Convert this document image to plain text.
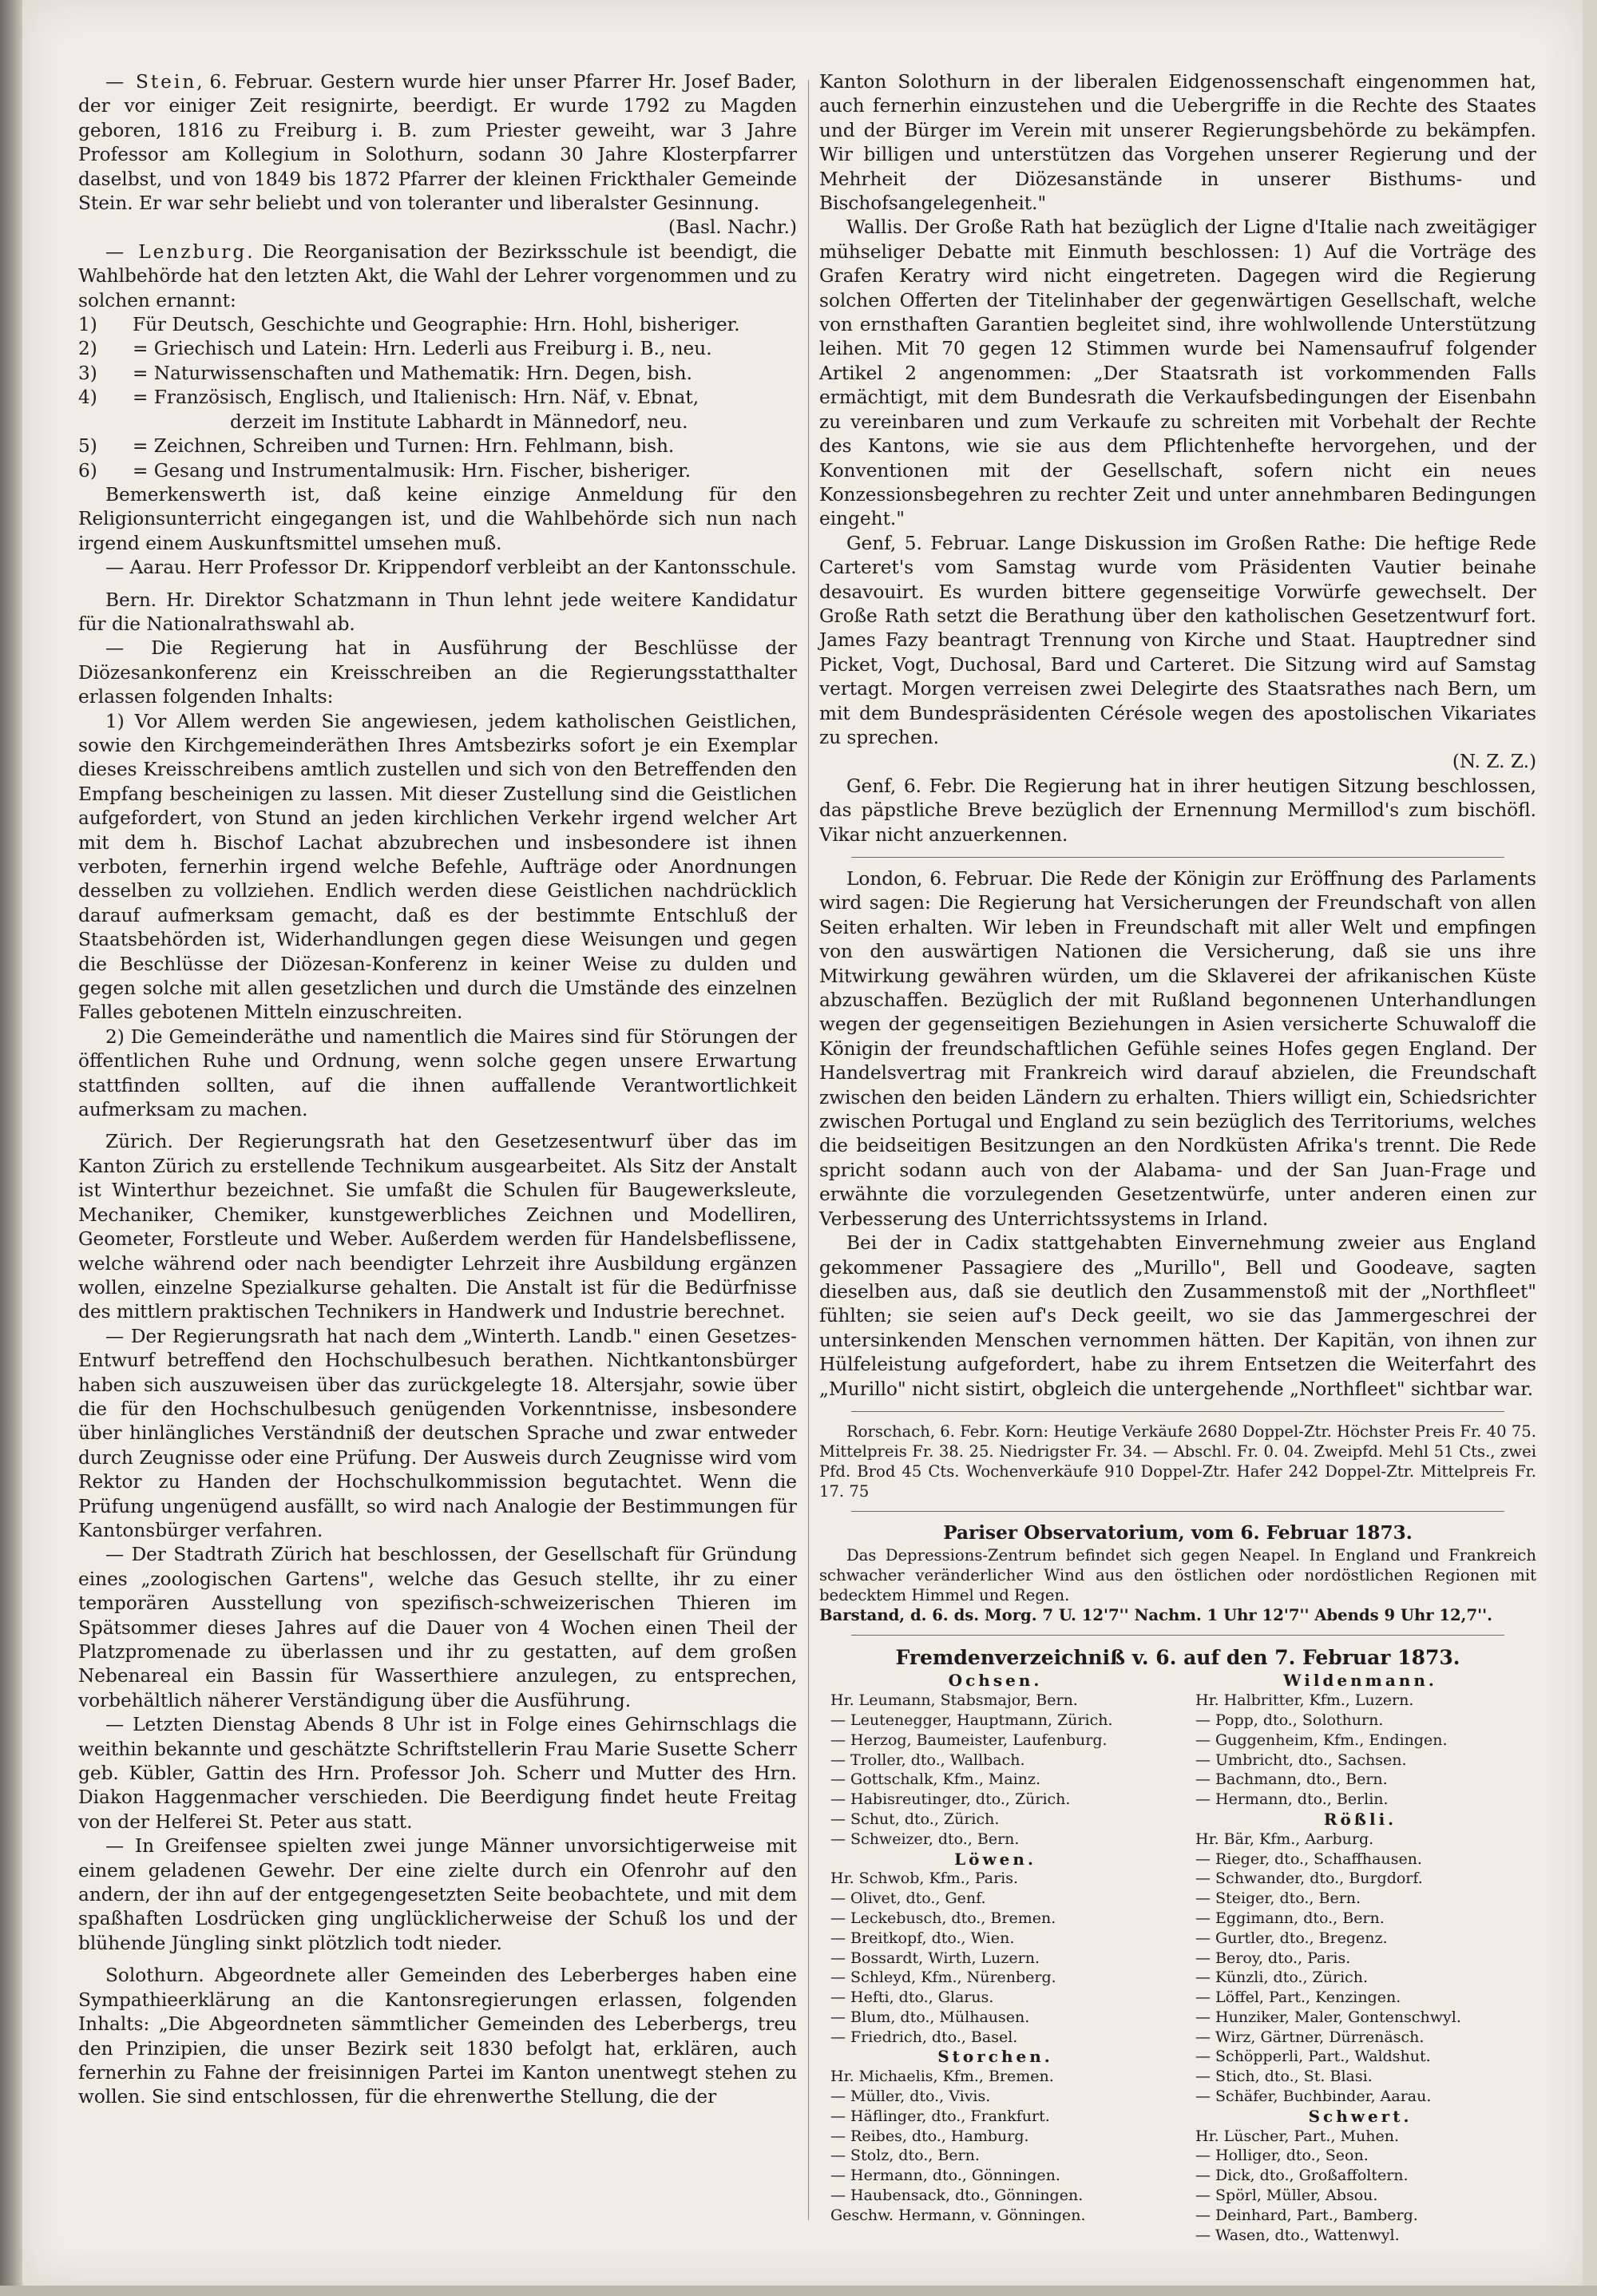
— Stein, 6. Februar. Gestern wurde hier unser Pfarrer Hr. Josef Bader, der vor einiger Zeit resignirte, beerdigt. Er wurde 1792 zu Magden geboren, 1816 zu Freiburg i. B. zum Priester geweiht, war 3 Jahre Professor am Kollegium in Solothurn, sodann 30 Jahre Klosterpfarrer daselbst, und von 1849 bis 1872 Pfarrer der kleinen Frickthaler Gemeinde Stein. Er war sehr beliebt und von toleranter und liberalster Gesinnung.

(Basl. Nachr.)

— Lenzburg. Die Reorganisation der Bezirksschule ist beendigt, die Wahlbehörde hat den letzten Akt, die Wahl der Lehrer vorgenommen und zu solchen ernannt:

1)	Für Deutsch, Geschichte und Geographie: Hrn. Hohl, bisheriger.
2)	= Griechisch und Latein: Hrn. Lederli aus Freiburg i. B., neu.
3)	= Naturwissenschaften und Mathematik: Hrn. Degen, bish.
4)	= Französisch, Englisch, und Italienisch: Hrn. Näf, v. Ebnat,
derzeit im Institute Labhardt in Männedorf, neu.
5)	= Zeichnen, Schreiben und Turnen: Hrn. Fehlmann, bish.
6)	= Gesang und Instrumentalmusik: Hrn. Fischer, bisheriger.

Bemerkenswerth ist, daß keine einzige Anmeldung für den Religionsunterricht eingegangen ist, und die Wahlbehörde sich nun nach irgend einem Auskunftsmittel umsehen muß.

— Aarau. Herr Professor Dr. Krippendorf verbleibt an der Kantonsschule.

Bern. Hr. Direktor Schatzmann in Thun lehnt jede weitere Kandidatur für die Nationalrathswahl ab.

— Die Regierung hat in Ausführung der Beschlüsse der Diözesankonferenz ein Kreisschreiben an die Regierungsstatthalter erlassen folgenden Inhalts:

1) Vor Allem werden Sie angewiesen, jedem katholischen Geistlichen, sowie den Kirchgemeinderäthen Ihres Amtsbezirks sofort je ein Exemplar dieses Kreisschreibens amtlich zustellen und sich von den Betreffenden den Empfang bescheinigen zu lassen. Mit dieser Zustellung sind die Geistlichen aufgefordert, von Stund an jeden kirchlichen Verkehr irgend welcher Art mit dem h. Bischof Lachat abzubrechen und insbesondere ist ihnen verboten, fernerhin irgend welche Befehle, Aufträge oder Anordnungen desselben zu vollziehen. Endlich werden diese Geistlichen nachdrücklich darauf aufmerksam gemacht, daß es der bestimmte Entschluß der Staatsbehörden ist, Widerhandlungen gegen diese Weisungen und gegen die Beschlüsse der Diözesan-Konferenz in keiner Weise zu dulden und gegen solche mit allen gesetzlichen und durch die Umstände des einzelnen Falles gebotenen Mitteln einzuschreiten.

2) Die Gemeinderäthe und namentlich die Maires sind für Störungen der öffentlichen Ruhe und Ordnung, wenn solche gegen unsere Erwartung stattfinden sollten, auf die ihnen auffallende Verantwortlichkeit aufmerksam zu machen.

Zürich. Der Regierungsrath hat den Gesetzesentwurf über das im Kanton Zürich zu erstellende Technikum ausgearbeitet. Als Sitz der Anstalt ist Winterthur bezeichnet. Sie umfaßt die Schulen für Baugewerksleute, Mechaniker, Chemiker, kunstgewerbliches Zeichnen und Modelliren, Geometer, Forstleute und Weber. Außerdem werden für Handelsbeflissene, welche während oder nach beendigter Lehrzeit ihre Ausbildung ergänzen wollen, einzelne Spezialkurse gehalten. Die Anstalt ist für die Bedürfnisse des mittlern praktischen Technikers in Handwerk und Industrie berechnet.

— Der Regierungsrath hat nach dem „Winterth. Landb." einen Gesetzes-Entwurf betreffend den Hochschulbesuch berathen. Nichtkantonsbürger haben sich auszuweisen über das zurückgelegte 18. Altersjahr, sowie über die für den Hochschulbesuch genügenden Vorkenntnisse, insbesondere über hinlängliches Verständniß der deutschen Sprache und zwar entweder durch Zeugnisse oder eine Prüfung. Der Ausweis durch Zeugnisse wird vom Rektor zu Handen der Hochschulkommission begutachtet. Wenn die Prüfung ungenügend ausfällt, so wird nach Analogie der Bestimmungen für Kantonsbürger verfahren.

— Der Stadtrath Zürich hat beschlossen, der Gesellschaft für Gründung eines „zoologischen Gartens", welche das Gesuch stellte, ihr zu einer temporären Ausstellung von spezifisch-schweizerischen Thieren im Spätsommer dieses Jahres auf die Dauer von 4 Wochen einen Theil der Platzpromenade zu überlassen und ihr zu gestatten, auf dem großen Nebenareal ein Bassin für Wasserthiere anzulegen, zu entsprechen, vorbehältlich näherer Verständigung über die Ausführung.

— Letzten Dienstag Abends 8 Uhr ist in Folge eines Gehirnschlags die weithin bekannte und geschätzte Schriftstellerin Frau Marie Susette Scherr geb. Kübler, Gattin des Hrn. Professor Joh. Scherr und Mutter des Hrn. Diakon Haggenmacher verschieden. Die Beerdigung findet heute Freitag von der Helferei St. Peter aus statt.

— In Greifensee spielten zwei junge Männer unvorsichtigerweise mit einem geladenen Gewehr. Der eine zielte durch ein Ofenrohr auf den andern, der ihn auf der entgegengesetzten Seite beobachtete, und mit dem spaßhaften Losdrücken ging unglücklicherweise der Schuß los und der blühende Jüngling sinkt plötzlich todt nieder.

Solothurn. Abgeordnete aller Gemeinden des Leberberges haben eine Sympathieerklärung an die Kantonsregierungen erlassen, folgenden Inhalts: „Die Abgeordneten sämmtlicher Gemeinden des Leberbergs, treu den Prinzipien, die unser Bezirk seit 1830 befolgt hat, erklären, auch fernerhin zu Fahne der freisinnigen Partei im Kanton unentwegt stehen zu wollen. Sie sind entschlossen, für die ehrenwerthe Stellung, die der

Kanton Solothurn in der liberalen Eidgenossenschaft eingenommen hat, auch fernerhin einzustehen und die Uebergriffe in die Rechte des Staates und der Bürger im Verein mit unserer Regierungsbehörde zu bekämpfen. Wir billigen und unterstützen das Vorgehen unserer Regierung und der Mehrheit der Diözesanstände in unserer Bisthums- und Bischofsangelegenheit."

Wallis. Der Große Rath hat bezüglich der Ligne d'Italie nach zweitägiger mühseliger Debatte mit Einmuth beschlossen: 1) Auf die Vorträge des Grafen Keratry wird nicht eingetreten. Dagegen wird die Regierung solchen Offerten der Titelinhaber der gegenwärtigen Gesellschaft, welche von ernsthaften Garantien begleitet sind, ihre wohlwollende Unterstützung leihen. Mit 70 gegen 12 Stimmen wurde bei Namensaufruf folgender Artikel 2 angenommen: „Der Staatsrath ist vorkommenden Falls ermächtigt, mit dem Bundesrath die Verkaufsbedingungen der Eisenbahn zu vereinbaren und zum Verkaufe zu schreiten mit Vorbehalt der Rechte des Kantons, wie sie aus dem Pflichtenhefte hervorgehen, und der Konventionen mit der Gesellschaft, sofern nicht ein neues Konzessionsbegehren zu rechter Zeit und unter annehmbaren Bedingungen eingeht."

Genf, 5. Februar. Lange Diskussion im Großen Rathe: Die heftige Rede Carteret's vom Samstag wurde vom Präsidenten Vautier beinahe desavouirt. Es wurden bittere gegenseitige Vorwürfe gewechselt. Der Große Rath setzt die Berathung über den katholischen Gesetzentwurf fort. James Fazy beantragt Trennung von Kirche und Staat. Hauptredner sind Picket, Vogt, Duchosal, Bard und Carteret. Die Sitzung wird auf Samstag vertagt. Morgen verreisen zwei Delegirte des Staatsrathes nach Bern, um mit dem Bundespräsidenten Cérésole wegen des apostolischen Vikariates zu sprechen.

(N. Z. Z.)

Genf, 6. Febr. Die Regierung hat in ihrer heutigen Sitzung beschlossen, das päpstliche Breve bezüglich der Ernennung Mermillod's zum bischöfl. Vikar nicht anzuerkennen.

London, 6. Februar. Die Rede der Königin zur Eröffnung des Parlaments wird sagen: Die Regierung hat Versicherungen der Freundschaft von allen Seiten erhalten. Wir leben in Freundschaft mit aller Welt und empfingen von den auswärtigen Nationen die Versicherung, daß sie uns ihre Mitwirkung gewähren würden, um die Sklaverei der afrikanischen Küste abzuschaffen. Bezüglich der mit Rußland begonnenen Unterhandlungen wegen der gegenseitigen Beziehungen in Asien versicherte Schuwaloff die Königin der freundschaftlichen Gefühle seines Hofes gegen England. Der Handelsvertrag mit Frankreich wird darauf abzielen, die Freundschaft zwischen den beiden Ländern zu erhalten. Thiers willigt ein, Schiedsrichter zwischen Portugal und England zu sein bezüglich des Territoriums, welches die beidseitigen Besitzungen an den Nordküsten Afrika's trennt. Die Rede spricht sodann auch von der Alabama- und der San Juan-Frage und erwähnte die vorzulegenden Gesetzentwürfe, unter anderen einen zur Verbesserung des Unterrichtssystems in Irland.

Bei der in Cadix stattgehabten Einvernehmung zweier aus England gekommener Passagiere des „Murillo", Bell und Goodeave, sagten dieselben aus, daß sie deutlich den Zusammenstoß mit der „Northfleet" fühlten; sie seien auf's Deck geeilt, wo sie das Jammergeschrei der untersinkenden Menschen vernommen hätten. Der Kapitän, von ihnen zur Hülfeleistung aufgefordert, habe zu ihrem Entsetzen die Weiterfahrt des „Murillo" nicht sistirt, obgleich die untergehende „Northfleet" sichtbar war.

Rorschach, 6. Febr. Korn: Heutige Verkäufe 2680 Doppel-Ztr. Höchster Preis Fr. 40 75. Mittelpreis Fr. 38. 25. Niedrigster Fr. 34. — Abschl. Fr. 0. 04. Zweipfd. Mehl 51 Cts., zwei Pfd. Brod 45 Cts. Wochenverkäufe 910 Doppel-Ztr. Hafer 242 Doppel-Ztr. Mittelpreis Fr. 17. 75

Pariser Observatorium, vom 6. Februar 1873.

Das Depressions-Zentrum befindet sich gegen Neapel. In England und Frankreich schwacher veränderlicher Wind aus den östlichen oder nordöstlichen Regionen mit bedecktem Himmel und Regen.

Barstand, d. 6. ds. Morg. 7 U. 12'7'' Nachm. 1 Uhr 12'7'' Abends 9 Uhr 12,7''.

Fremdenverzeichniß v. 6. auf den 7. Februar 1873.
Ochsen.
Hr. Leumann, Stabsmajor, Bern.
— Leutenegger, Hauptmann, Zürich.
— Herzog, Baumeister, Laufenburg.
— Troller, dto., Wallbach.
— Gottschalk, Kfm., Mainz.
— Habisreutinger, dto., Zürich.
— Schut, dto., Zürich.
— Schweizer, dto., Bern.
Löwen.
Hr. Schwob, Kfm., Paris.
— Olivet, dto., Genf.
— Leckebusch, dto., Bremen.
— Breitkopf, dto., Wien.
— Bossardt, Wirth, Luzern.
— Schleyd, Kfm., Nürenberg.
— Hefti, dto., Glarus.
— Blum, dto., Mülhausen.
— Friedrich, dto., Basel.
Storchen.
Hr. Michaelis, Kfm., Bremen.
— Müller, dto., Vivis.
— Häflinger, dto., Frankfurt.
— Reibes, dto., Hamburg.
— Stolz, dto., Bern.
— Hermann, dto., Gönningen.
— Haubensack, dto., Gönningen.
Geschw. Hermann, v. Gönningen.
Wildenmann.
Hr. Halbritter, Kfm., Luzern.
— Popp, dto., Solothurn.
— Guggenheim, Kfm., Endingen.
— Umbricht, dto., Sachsen.
— Bachmann, dto., Bern.
— Hermann, dto., Berlin.
Rößli.
Hr. Bär, Kfm., Aarburg.
— Rieger, dto., Schaffhausen.
— Schwander, dto., Burgdorf.
— Steiger, dto., Bern.
— Eggimann, dto., Bern.
— Gurtler, dto., Bregenz.
— Beroy, dto., Paris.
— Künzli, dto., Zürich.
— Löffel, Part., Kenzingen.
— Hunziker, Maler, Gontenschwyl.
— Wirz, Gärtner, Dürrenäsch.
— Schöpperli, Part., Waldshut.
— Stich, dto., St. Blasi.
— Schäfer, Buchbinder, Aarau.
Schwert.
Hr. Lüscher, Part., Muhen.
— Holliger, dto., Seon.
— Dick, dto., Großaffoltern.
— Spörl, Müller, Absou.
— Deinhard, Part., Bamberg.
— Wasen, dto., Wattenwyl.
